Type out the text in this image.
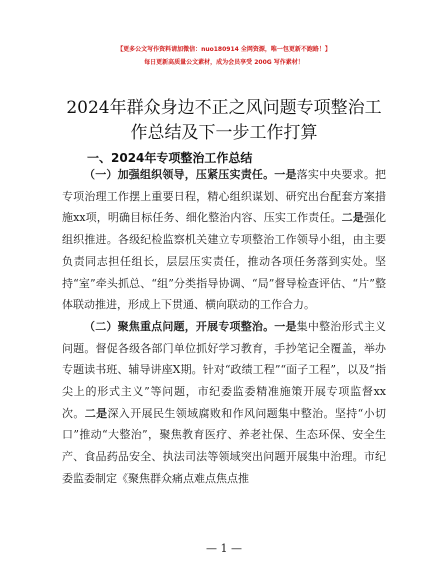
【更多公文写作资料请加微信：nuo180914 全网资源，唯一包更新不跑路！】
每日更新高质量公文素材，成为会员享受 200G 写作素材！
2024年群众身边不正之风问题专项整治工作总结及下一步工作打算
一、2024年专项整治工作总结

（一）加强组织领导，压紧压实责任。一是落实中央要求。把专项治理工作摆上重要日程，精心组织谋划、研究出台配套方案措施xx项，明确目标任务、细化整治内容、压实工作责任。二是强化组织推进。各级纪检监察机关建立专项整治工作领导小组，由主要负责同志担任组长，层层压实责任，推动各项任务落到实处。坚持“室”牵头抓总、“组”分类指导协调、“局”督导检查评估、“片”整体联动推进，形成上下贯通、横向联动的工作合力。

（二）聚焦重点问题，开展专项整治。一是集中整治形式主义问题。督促各级各部门单位抓好学习教育，手抄笔记全覆盖，举办专题读书班、辅导讲座X期。针对“政绩工程”“面子工程”，以及“指尖上的形式主义”等问题，市纪委监委精准施策开展专项监督xx次。二是深入开展民生领域腐败和作风问题集中整治。坚持“小切口”推动“大整治”，聚焦教育医疗、养老社保、生态环保、安全生产、食品药品安全、执法司法等领域突出问题开展集中治理。市纪委监委制定《聚焦群众痛点难点焦点推

— 1 —
